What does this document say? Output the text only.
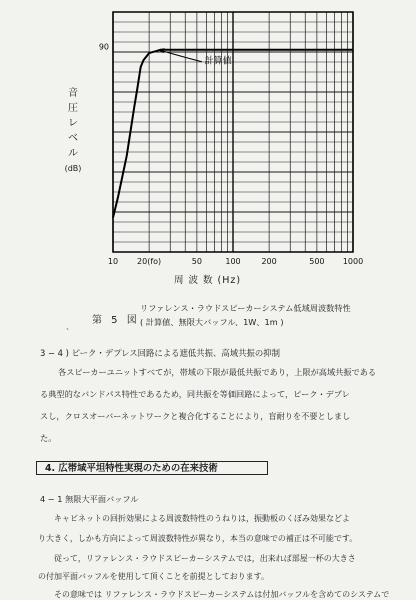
10 20(fo)	50	100	200	500 1000
90
計算値
音
圧
レ
ベ
ル
(dB)
周 波 数 (Hz)
、
第 5 図
リファレンス・ラウドスピーカーシステム低域周波数特性
( 計算値、無限大バッフル、1W、1m )
3 − 4 ) ピーク・デプレス回路による遮低共振、高域共振の抑制
各スピーカーユニットすべてが，帯域の下限が最低共振であり，上限が高域共振である
る典型的なバンドパス特性であるため，同共振を等価回路によって，ピーク・デプレ
スし，クロスオーバーネットワークと複合化することにより，盲耐りを不要としまし
た。
4. 広帯域平坦特性実現のための在来技術
4 − 1 無限大平面バッフル
キャビネットの回折効果による周波数特性のうねりは，振動板のくぼみ効果などよ
り大きく，しかも方向によって周波数特性が異なり，本当の意味での補正は不可能です。
従って，リファレンス・ラウドスピーカーシステムでは，出来れば部屋一杯の大きさ
の付加平面バッフルを使用して頂くことを前提としております。
その意味では リファレンス・ラウドスピーカーシステムは付加バッフルを含めてのシステムで
